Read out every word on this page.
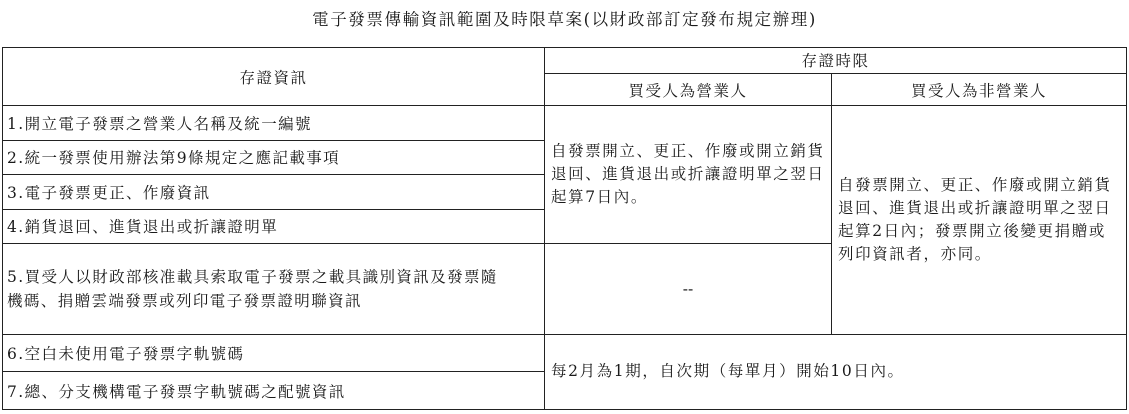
電子發票傳輸資訊範圍及時限草案(以財政部訂定發布規定辦理)
存證資訊	存證時限	
	買受人為營業人	買受人為非營業人
1.開立電子發票之營業人名稱及統一編號	自發票開立、更正、作廢或開立銷貨退回、進貨退出或折讓證明單之翌日起算7日內。	自發票開立、更正、作廢或開立銷貨退回、進貨退出或折讓證明單之翌日起算2日內；發票開立後變更捐贈或列印資訊者，亦同。
2.統一發票使用辦法第9條規定之應記載事項		
3.電子發票更正、作廢資訊		
4.銷貨退回、進貨退出或折讓證明單		
5.買受人以財政部核准載具索取電子發票之載具識別資訊及發票隨機碼、捐贈雲端發票或列印電子發票證明聯資訊	--	
6.空白未使用電子發票字軌號碼	每2月為1期，自次期（每單月）開始10日內。	
7.總、分支機構電子發票字軌號碼之配號資訊		
